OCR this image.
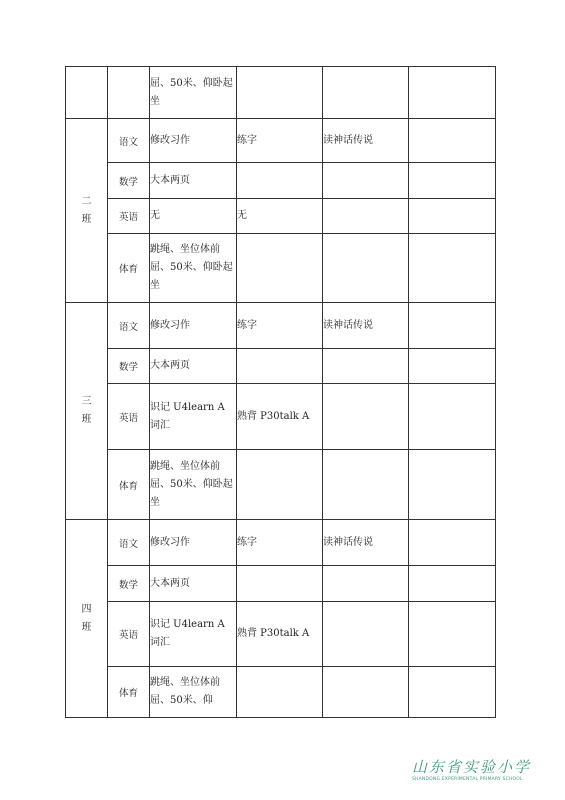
		屈、50米、仰卧起坐			
二班	语文	修改习作	练字	读神话传说	
	数学	大本两页			
	英语	无	无		
	体育	跳绳、坐位体前屈、50米、仰卧起坐			
三班	语文	修改习作	练字	读神话传说	
	数学	大本两页			
	英语	识记 U4learn A 词汇	熟背 P30talk A		
	体育	跳绳、坐位体前屈、50米、仰卧起坐			
四班	语文	修改习作	练字	读神话传说	
	数学	大本两页			
	英语	识记 U4learn A 词汇	熟背 P30talk A		
	体育	跳绳、坐位体前屈、50米、仰			
山东省实验小学
SHANDONG EXPERIMENTAL PRIMARY SCHOOL
